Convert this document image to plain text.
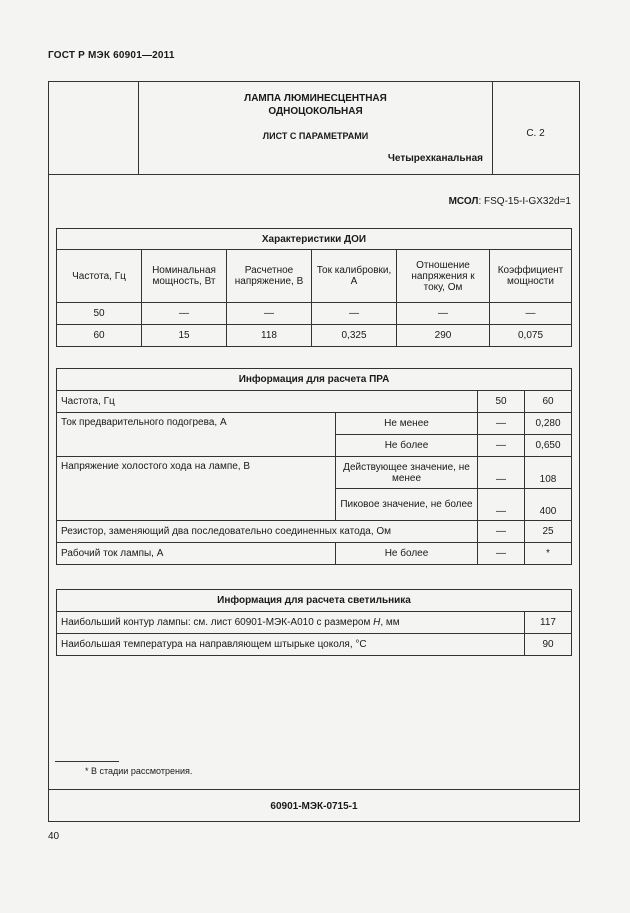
ГОСТ Р МЭК 60901—2011
ЛАМПА ЛЮМИНЕСЦЕНТНАЯ
ОДНОЦОКОЛЬНАЯ
ЛИСТ С ПАРАМЕТРАМИ
Четырехканальная
С. 2
МСОЛ: FSQ-15-I-GX32d=1
Характеристики ДОИ					
Частота, Гц	Номинальная мощность, Вт	Расчетное напряжение, В	Ток калибровки, А	Отношение напряжения к току, Ом	Коэффициент мощности
50	—	—	—	—	—
60	15	118	0,325	290	0,075
Информация для расчета ПРА			
Частота, Гц		50	60
Ток предварительного подогрева, А	Не менее	—	0,280
	Не более	—	0,650
Напряжение холостого хода на лампе, В	Действующее значение, не менее	—	108
	Пиковое значение, не более	—	400
Резистор, заменяющий два последовательно соединенных катода, Ом		—	25
Рабочий ток лампы, А	Не более	—	*
Информация для расчета светильника	
Наибольший контур лампы: см. лист 60901-МЭК-А010 с размером H, мм	117
Наибольшая температура на направляющем штырьке цоколя, °С	90
* В стадии рассмотрения.
60901-МЭК-0715-1
40
